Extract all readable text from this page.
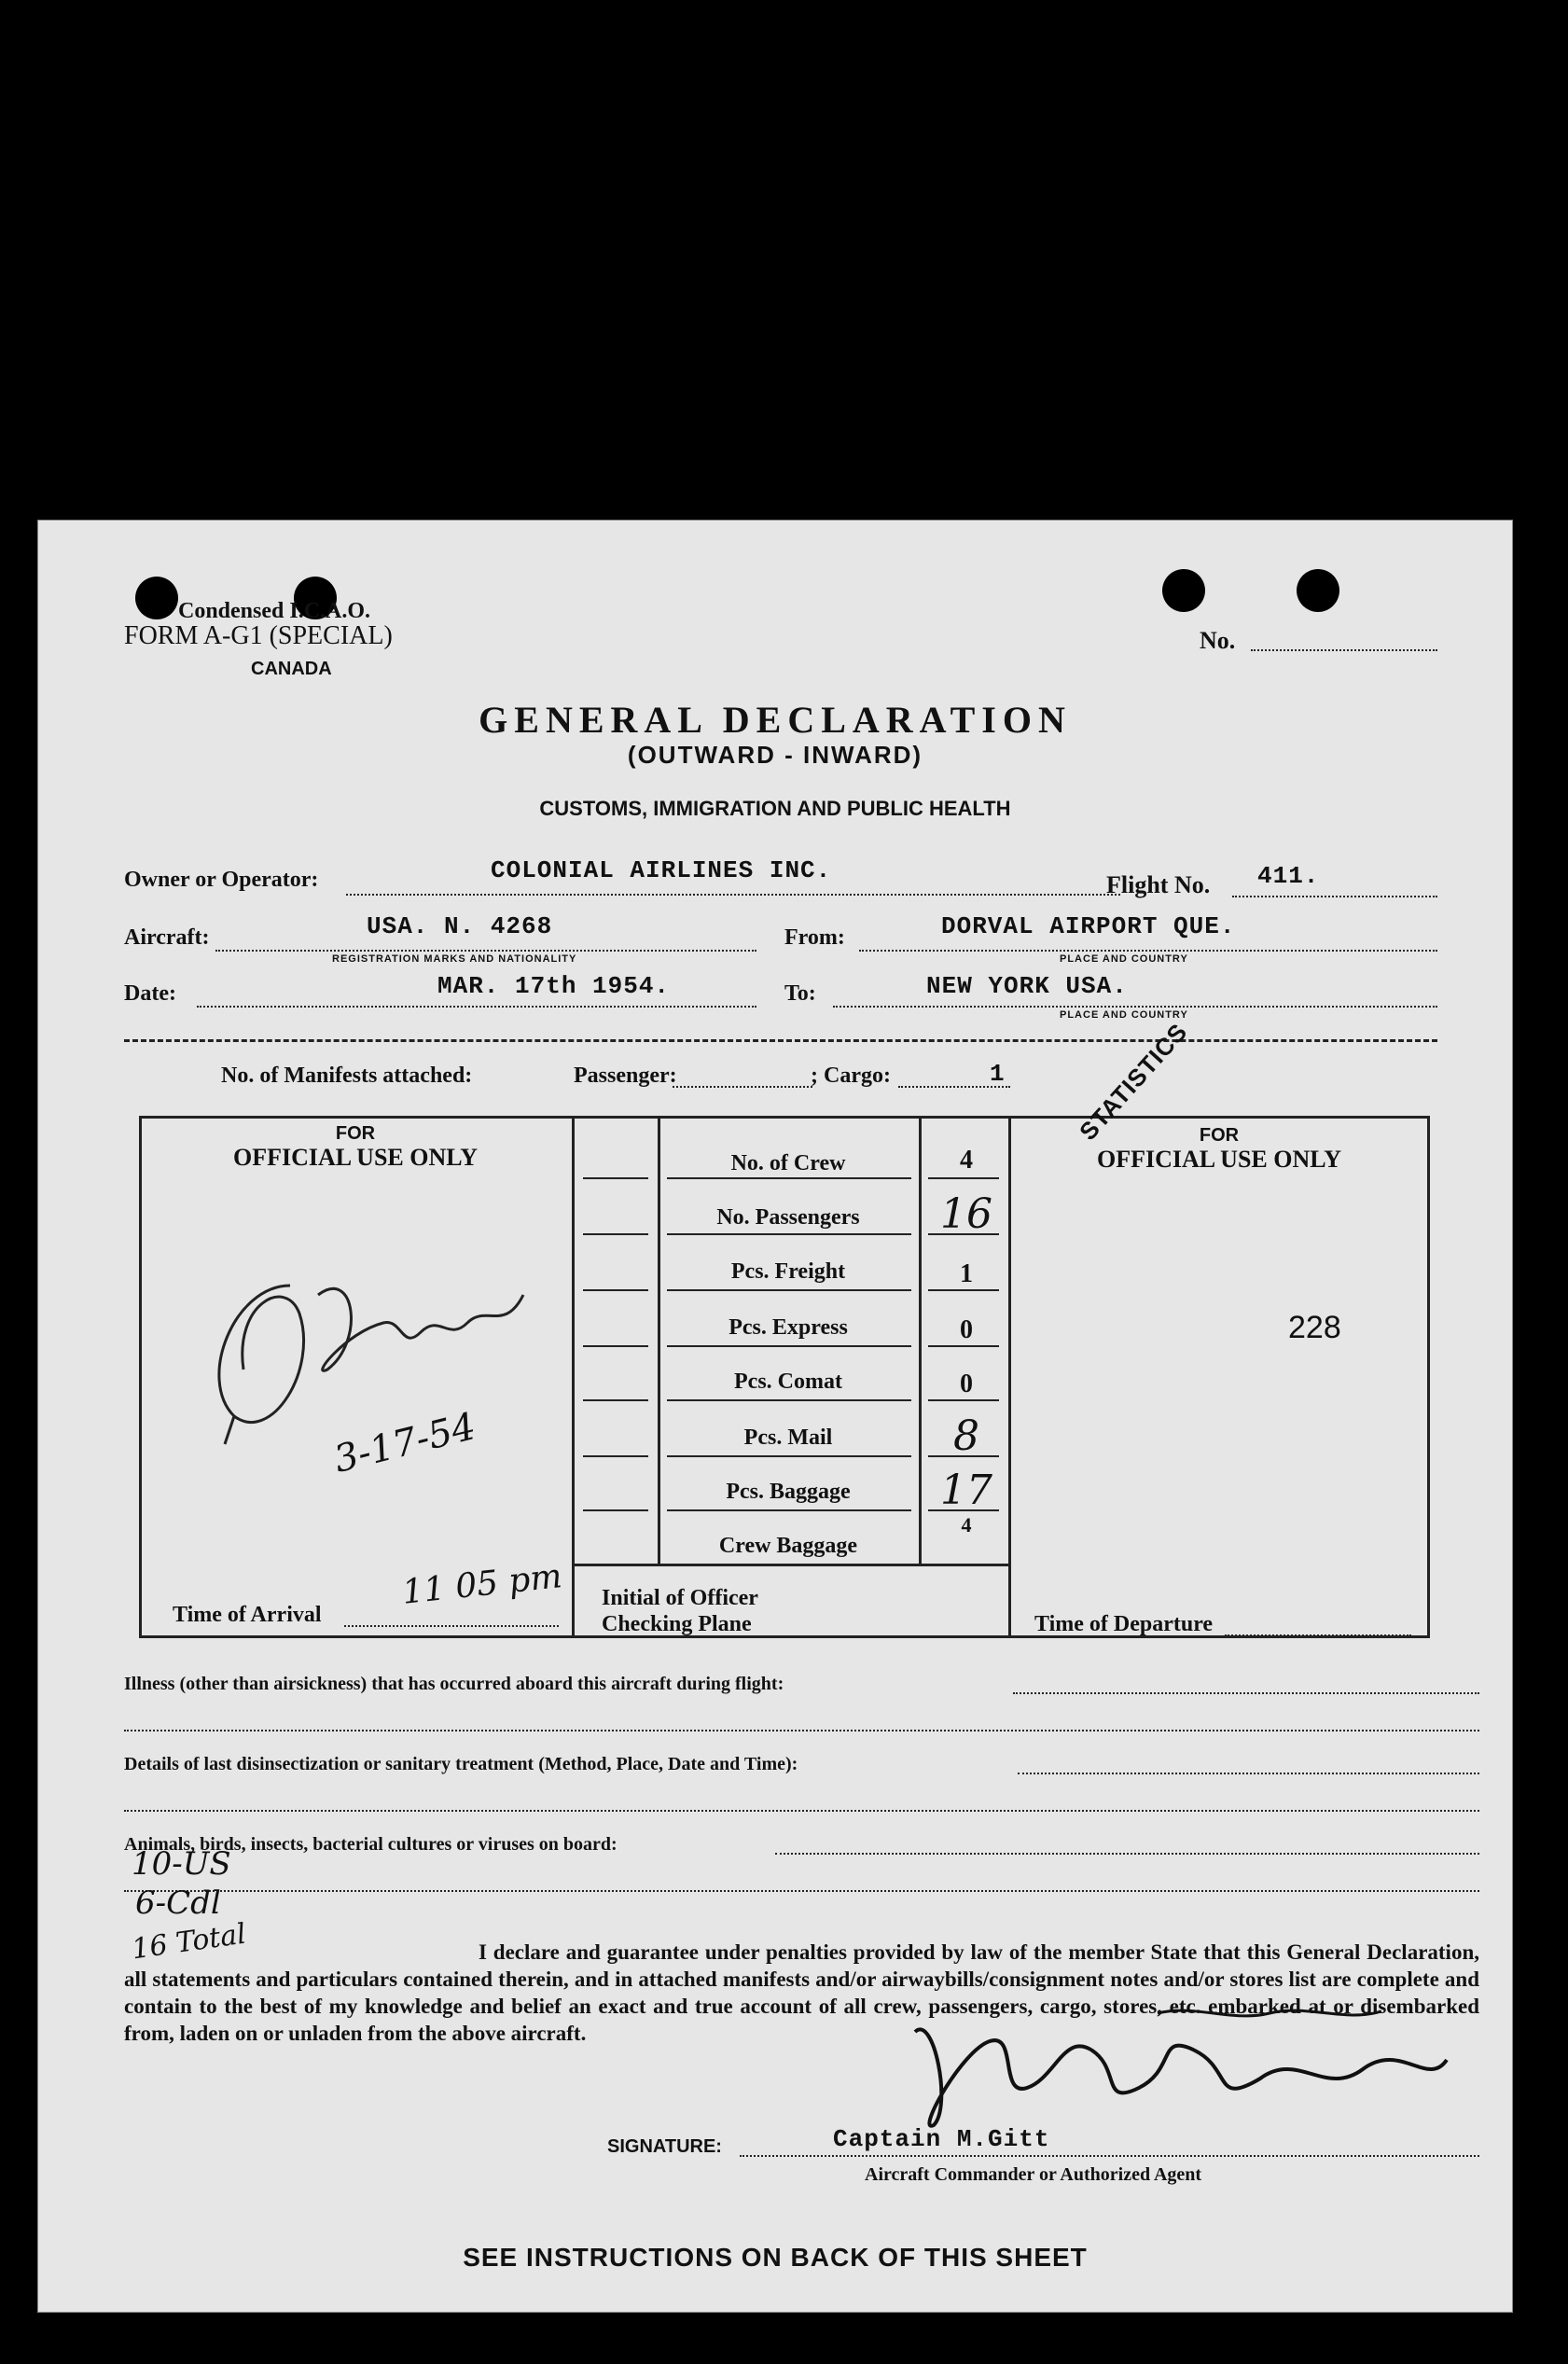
Condensed I.C.A.O.
FORM A-G1 (SPECIAL)
CANADA
No.
GENERAL DECLARATION
(OUTWARD - INWARD)
CUSTOMS, IMMIGRATION AND PUBLIC HEALTH
Owner or Operator:	COLONIAL AIRLINES INC.
Flight No. 411.
Aircraft:	USA. N. 4268
REGISTRATION MARKS AND NATIONALITY
From:	DORVAL AIRPORT QUE.
PLACE AND COUNTRY
Date:	MAR. 17th 1954.	To:	NEW YORK USA.
PLACE AND COUNTRY
No. of Manifests attached:	Passenger:	; Cargo:	1
FOR
OFFICIAL USE ONLY
FOR
OFFICIAL USE ONLY
STATISTICS
228
3-17-54
Time of Arrival
11 05 pm Initial of Officer
Checking Plane	Time of Departure
No. of Crew	4
No. Passengers	16
Pcs. Freight	1
Pcs. Express	0
Pcs. Comat	0
Pcs. Mail	8
Pcs. Baggage	17
Crew Baggage
4
Illness (other than airsickness) that has occurred aboard this aircraft during flight:
Details of last disinsectization or sanitary treatment (Method, Place, Date and Time):
Animals, birds, insects, bacterial cultures or viruses on board:
10-US
6-Cdl
16 Total	I declare and guarantee under penalties provided by law of the member State that this General Declaration, all statements and particulars contained therein, and in attached manifests and/or airwaybills/consignment notes and/or stores list are complete and contain to the best of my knowledge and belief an exact and true account of all crew, passengers, cargo, stores, etc. embarked at or disembarked from, laden on or unladen from the above aircraft.
SIGNATURE:	Captain M.Gitt
Aircraft Commander or Authorized Agent
SEE INSTRUCTIONS ON BACK OF THIS SHEET
